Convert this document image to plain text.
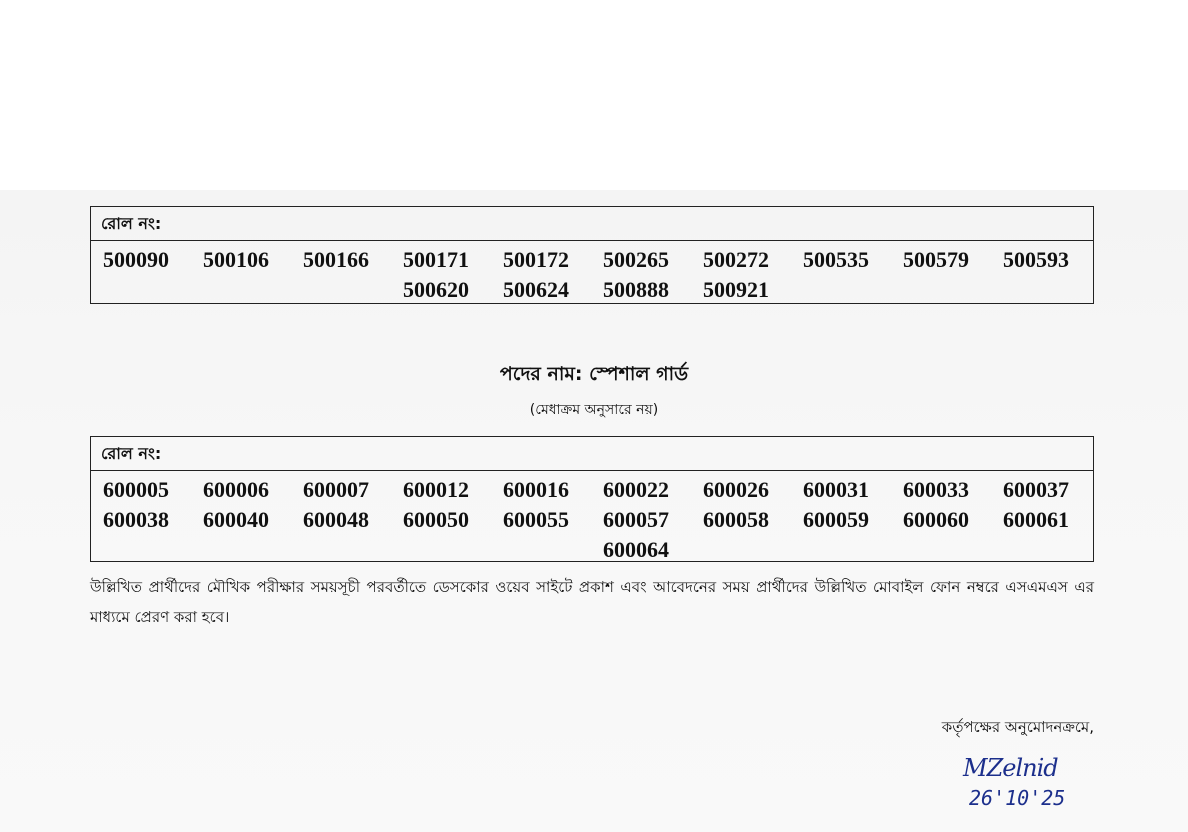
রোল নং:
500090	500106	500166	500171	500172	500265	500272	500535	500579	500593
500620	500624	500888	500921
পদের নাম: স্পেশাল গার্ড
(মেধাক্রম অনুসারে নয়)
রোল নং:
600005	600006	600007	600012	600016	600022	600026	600031	600033	600037
600038	600040	600048	600050	600055	600057	600058	600059	600060	600061
600064
উল্লিখিত প্রার্থীদের মৌখিক পরীক্ষার সময়সূচী পরবর্তীতে ডেসকোর ওয়েব সাইটে প্রকাশ এবং আবেদনের সময় প্রার্থীদের উল্লিখিত মোবাইল ফোন নম্বরে এসএমএস এর মাধ্যমে প্রেরণ করা হবে।
কর্তৃপক্ষের অনুমোদনক্রমে,
MZelnid
26'10'25
